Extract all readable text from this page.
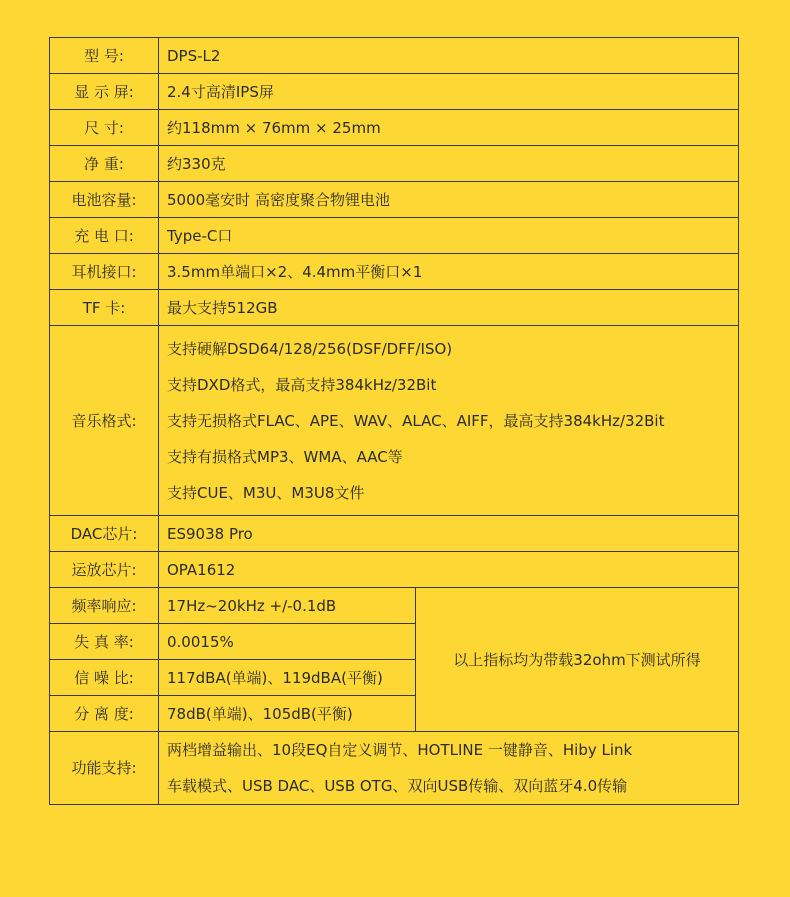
型 号:	DPS-L2	
显 示 屏:	2.4寸高清IPS屏	
尺 寸:	约118mm × 76mm × 25mm	
净 重:	约330克	
电池容量:	5000毫安时 高密度聚合物锂电池	
充 电 口:	Type-C口	
耳机接口:	3.5mm单端口×2、4.4mm平衡口×1	
TF 卡:	最大支持512GB	
音乐格式:	支持硬解DSD64/128/256(DSF/DFF/ISO)
支持DXD格式，最高支持384kHz/32Bit
支持无损格式FLAC、APE、WAV、ALAC、AIFF，最高支持384kHz/32Bit
支持有损格式MP3、WMA、AAC等
支持CUE、M3U、M3U8文件	

DAC芯片:	ES9038 Pro	
运放芯片:	OPA1612	
频率响应:	17Hz~20kHz +/-0.1dB	以上指标均为带载32ohm下测试所得
失 真 率:	0.0015%	
信 噪 比:	117dBA(单端)、119dBA(平衡)	
分 离 度:	78dB(单端)、105dB(平衡)	
功能支持:	两档增益输出、10段EQ自定义调节、HOTLINE 一键静音、Hiby Link
车载模式、USB DAC、USB OTG、双向USB传输、双向蓝牙4.0传输	
